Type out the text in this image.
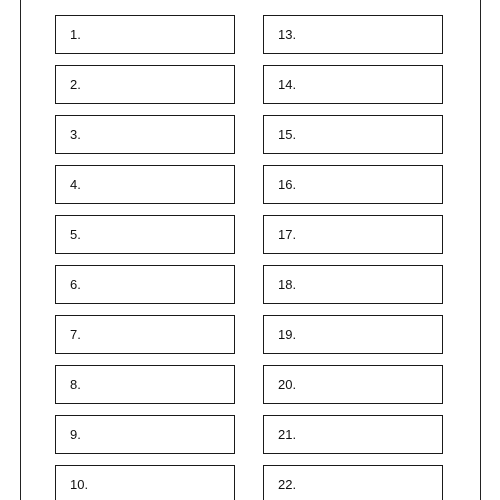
1.
2.
3.
4.
5.
6.
7.
8.
9.
10.
13.
14.
15.
16.
17.
18.
19.
20.
21.
22.
